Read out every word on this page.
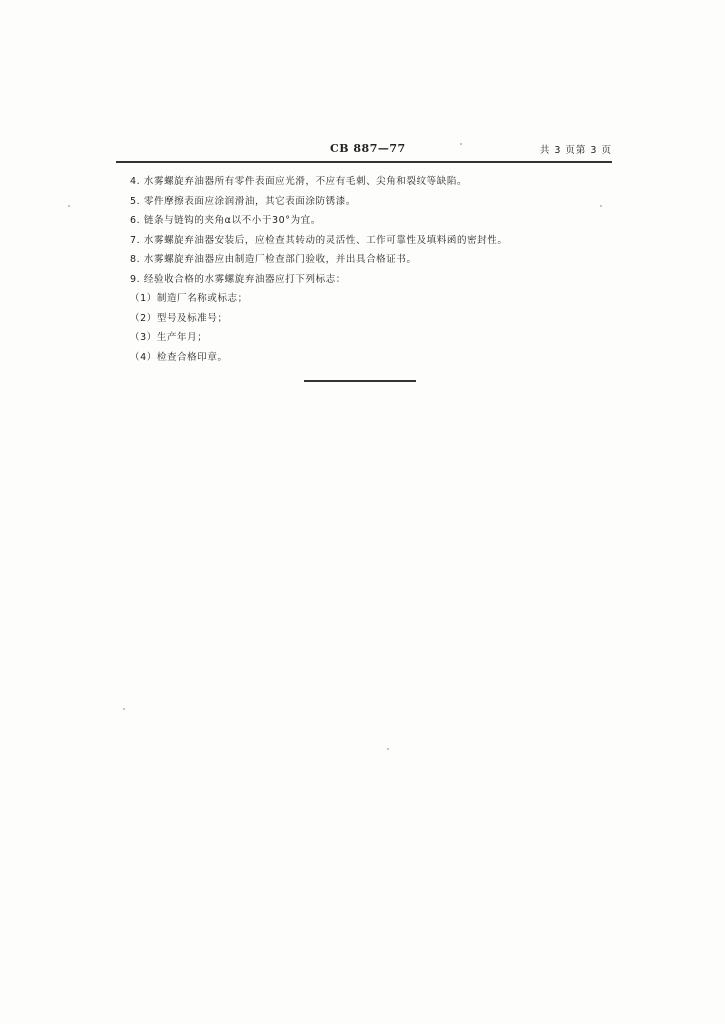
CB 887—77	共 3 页第 3 页
4. 水雾螺旋弃油器所有零件表面应光滑，不应有毛刺、尖角和裂纹等缺陷。
5. 零件摩擦表面应涂润滑油，其它表面涂防锈漆。
6. 链条与链钩的夹角α以不小于30°为宜。
7. 水雾螺旋弃油器安装后，应检查其转动的灵活性、工作可靠性及填料函的密封性。
8. 水雾螺旋弃油器应由制造厂检查部门验收，并出具合格证书。
9. 经验收合格的水雾螺旋弃油器应打下列标志：
（1）制造厂名称或标志；
（2）型号及标准号；
（3）生产年月；
（4）检查合格印章。
